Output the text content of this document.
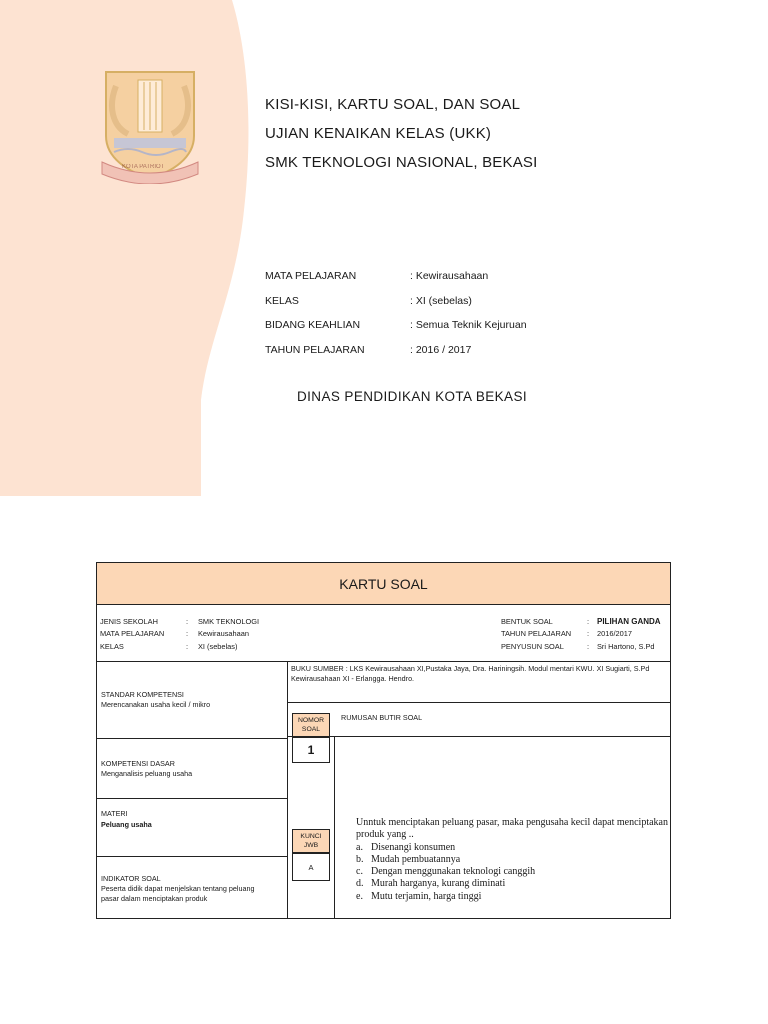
KOTA PATRIOT
KISI-KISI, KARTU SOAL, DAN SOAL
UJIAN KENAIKAN KELAS (UKK)
SMK TEKNOLOGI NASIONAL, BEKASI
MATA PELAJARAN	: Kewirausahaan
KELAS	: XI (sebelas)
BIDANG KEAHLIAN	: Semua Teknik Kejuruan
TAHUN PELAJARAN	: 2016 / 2017
DINAS PENDIDIKAN KOTA BEKASI
KARTU SOAL
JENIS SEKOLAH	:	SMK TEKNOLOGI
MATA PELAJARAN	:	Kewirausahaan
KELAS	:	XI (sebelas)
BENTUK SOAL	: PILIHAN GANDA
TAHUN PELAJARAN	:	2016/2017
PENYUSUN SOAL	:	Sri Hartono, S.Pd
BUKU SUMBER : LKS Kewirausahaan XI,Pustaka Jaya, Dra. Hariningsih. Modul mentari KWU. XI Sugiarti, S.Pd
Kewirausahaan XI - Erlangga. Hendro.
STANDAR KOMPETENSI
Merencanakan usaha kecil / mikro
KOMPETENSI DASAR
Menganalisis peluang usaha
MATERI
Peluang usaha
INDIKATOR SOAL
Peserta didik dapat menjelskan tentang peluang
pasar dalam menciptakan produk
NOMOR
SOAL
1
RUMUSAN BUTIR SOAL
KUNCI
JWB
A
Unntuk menciptakan peluang pasar, maka pengusaha kecil dapat menciptakan
produk yang ..
a. Disenangi konsumen
b. Mudah pembuatannya
c. Dengan menggunakan teknologi canggih
d. Murah harganya, kurang diminati
e. Mutu terjamin, harga tinggi
